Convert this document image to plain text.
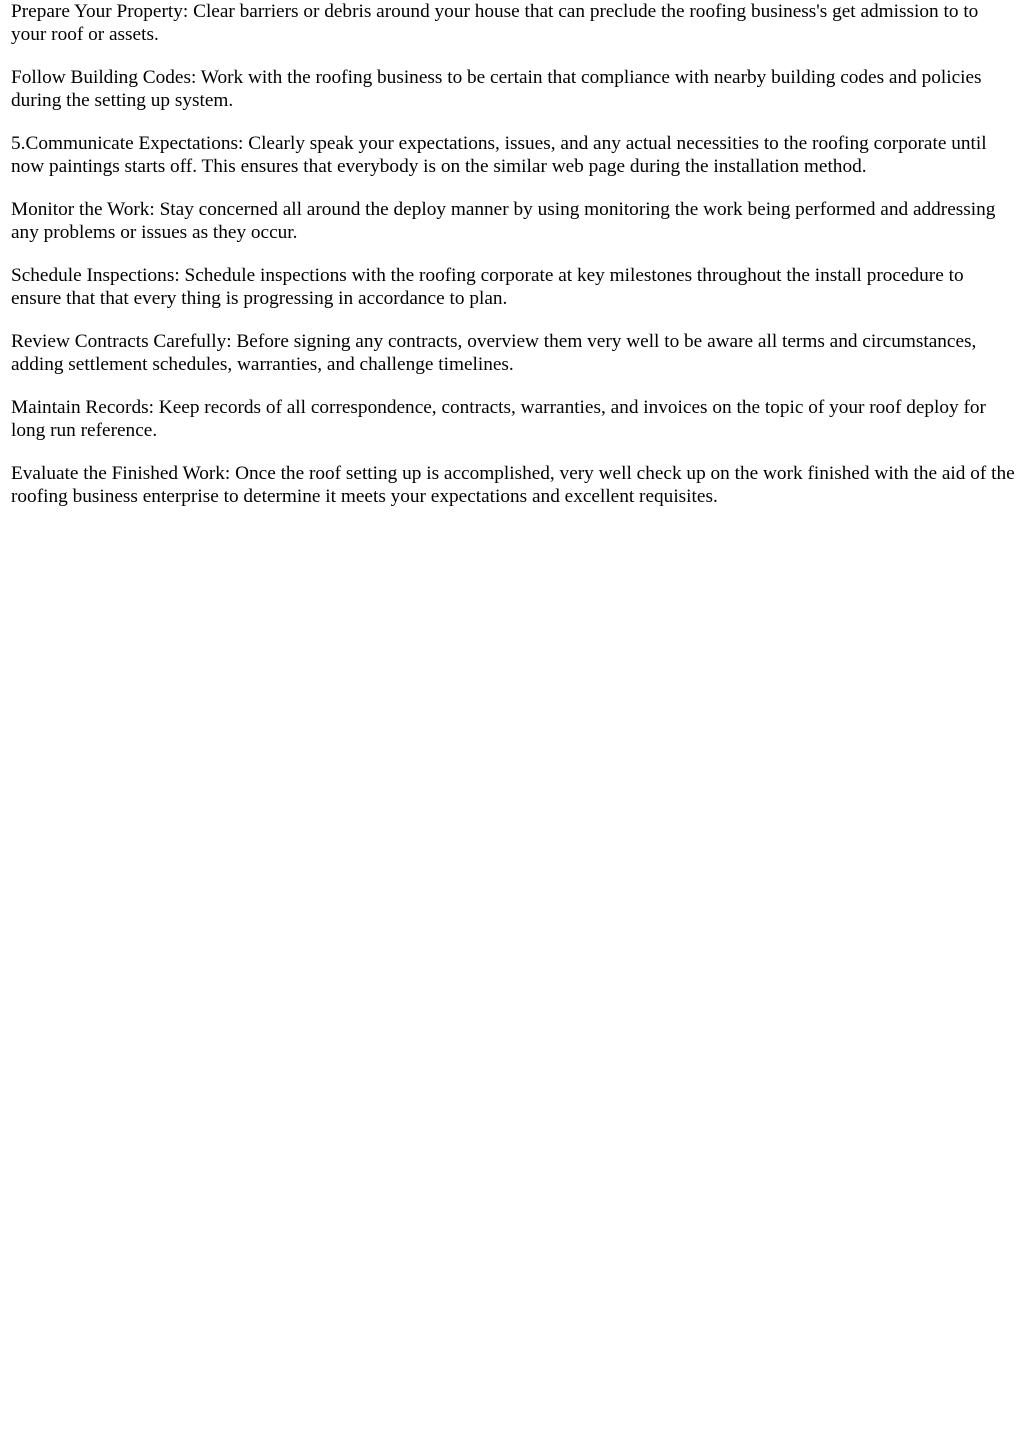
Prepare Your Property: Clear barriers or debris around your house that can preclude the roofing business's get admission to to your roof or assets.

Follow Building Codes: Work with the roofing business to be certain that compliance with nearby building codes and policies during the setting up system.

5.Communicate Expectations: Clearly speak your expectations, issues, and any actual necessities to the roofing corporate until now paintings starts off. This ensures that everybody is on the similar web page during the installation method.

Monitor the Work: Stay concerned all around the deploy manner by using monitoring the work being performed and addressing any problems or issues as they occur.

Schedule Inspections: Schedule inspections with the roofing corporate at key milestones throughout the install procedure to ensure that that every thing is progressing in accordance to plan.

Review Contracts Carefully: Before signing any contracts, overview them very well to be aware all terms and circumstances, adding settlement schedules, warranties, and challenge timelines.

Maintain Records: Keep records of all correspondence, contracts, warranties, and invoices on the topic of your roof deploy for long run reference.

Evaluate the Finished Work: Once the roof setting up is accomplished, very well check up on the work finished with the aid of the roofing business enterprise to determine it meets your expectations and excellent requisites.
